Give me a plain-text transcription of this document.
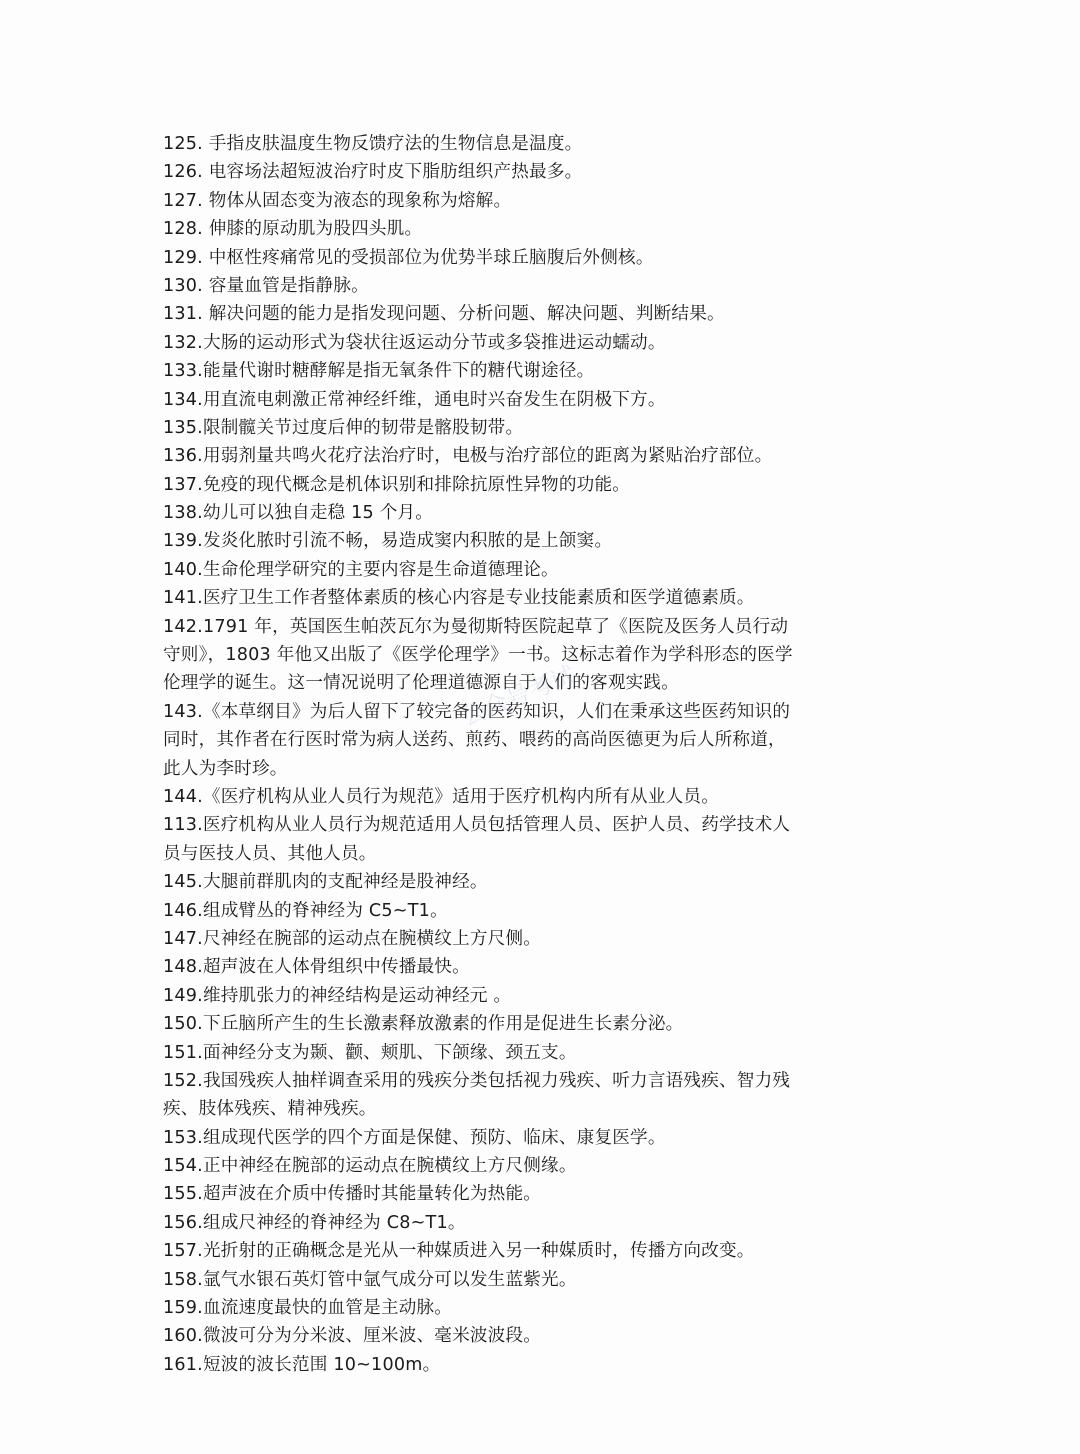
125. 手指皮肤温度生物反馈疗法的生物信息是温度。
126. 电容场法超短波治疗时皮下脂肪组织产热最多。
127. 物体从固态变为液态的现象称为熔解。
128. 伸膝的原动肌为股四头肌。
129. 中枢性疼痛常见的受损部位为优势半球丘脑腹后外侧核。
130. 容量血管是指静脉。
131. 解决问题的能力是指发现问题、分析问题、解决问题、判断结果。
132.大肠的运动形式为袋状往返运动分节或多袋推进运动蠕动。
133.能量代谢时糖酵解是指无氧条件下的糖代谢途径。
134.用直流电刺激正常神经纤维，通电时兴奋发生在阴极下方。
135.限制髋关节过度后伸的韧带是髂股韧带。
136.用弱剂量共鸣火花疗法治疗时，电极与治疗部位的距离为紧贴治疗部位。
137.免疫的现代概念是机体识别和排除抗原性异物的功能。
138.幼儿可以独自走稳 15 个月。
139.发炎化脓时引流不畅，易造成窦内积脓的是上颌窦。
140.生命伦理学研究的主要内容是生命道德理论。
141.医疗卫生工作者整体素质的核心内容是专业技能素质和医学道德素质。
142.1791 年，英国医生帕茨瓦尔为曼彻斯特医院起草了《医院及医务人员行动
守则》，1803 年他又出版了《医学伦理学》一书。这标志着作为学科形态的医学
伦理学的诞生。这一情况说明了伦理道德源自于人们的客观实践。
143.《本草纲目》为后人留下了较完备的医药知识，人们在秉承这些医药知识的
同时，其作者在行医时常为病人送药、煎药、喂药的高尚医德更为后人所称道，
此人为李时珍。
144.《医疗机构从业人员行为规范》适用于医疗机构内所有从业人员。
113.医疗机构从业人员行为规范适用人员包括管理人员、医护人员、药学技术人
员与医技人员、其他人员。
145.大腿前群肌肉的支配神经是股神经。
146.组成臂丛的脊神经为 C5~T1。
147.尺神经在腕部的运动点在腕横纹上方尺侧。
148.超声波在人体骨组织中传播最快。
149.维持肌张力的神经结构是运动神经元 。
150.下丘脑所产生的生长激素释放激素的作用是促进生长素分泌。
151.面神经分支为颞、颧、颊肌、下颌缘、颈五支。
152.我国残疾人抽样调查采用的残疾分类包括视力残疾、听力言语残疾、智力残
疾、肢体残疾、精神残疾。
153.组成现代医学的四个方面是保健、预防、临床、康复医学。
154.正中神经在腕部的运动点在腕横纹上方尺侧缘。
155.超声波在介质中传播时其能量转化为热能。
156.组成尺神经的脊神经为 C8~T1。
157.光折射的正确概念是光从一种媒质进入另一种媒质时，传播方向改变。
158.氩气水银石英灯管中氩气成分可以发生蓝紫光。
159.血流速度最快的血管是主动脉。
160.微波可分为分米波、厘米波、毫米波波段。
161.短波的波长范围 10~100m。
公众号考试
